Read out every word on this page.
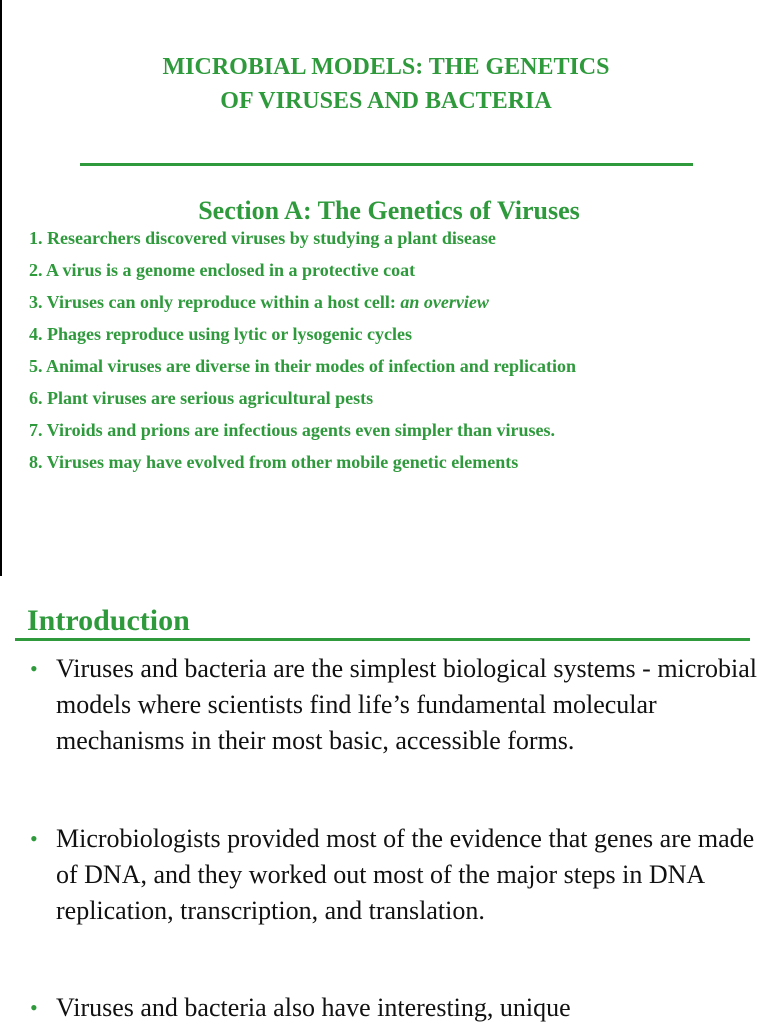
MICROBIAL MODELS: THE GENETICS
OF VIRUSES AND BACTERIA
Section A: The Genetics of Viruses
1. Researchers discovered viruses by studying a plant disease
2. A virus is a genome enclosed in a protective coat
3. Viruses can only reproduce within a host cell: an overview
4. Phages reproduce using lytic or lysogenic cycles
5. Animal viruses are diverse in their modes of infection and replication
6. Plant viruses are serious agricultural pests
7. Viroids and prions are infectious agents even simpler than viruses.
8. Viruses may have evolved from other mobile genetic elements
Introduction
• Viruses and bacteria are the simplest biological systems - microbial models where scientists find life’s fundamental molecular mechanisms in their most basic, accessible forms.
• Microbiologists provided most of the evidence that genes are made of DNA, and they worked out most of the major steps in DNA replication, transcription, and translation.
• Viruses and bacteria also have interesting, unique
